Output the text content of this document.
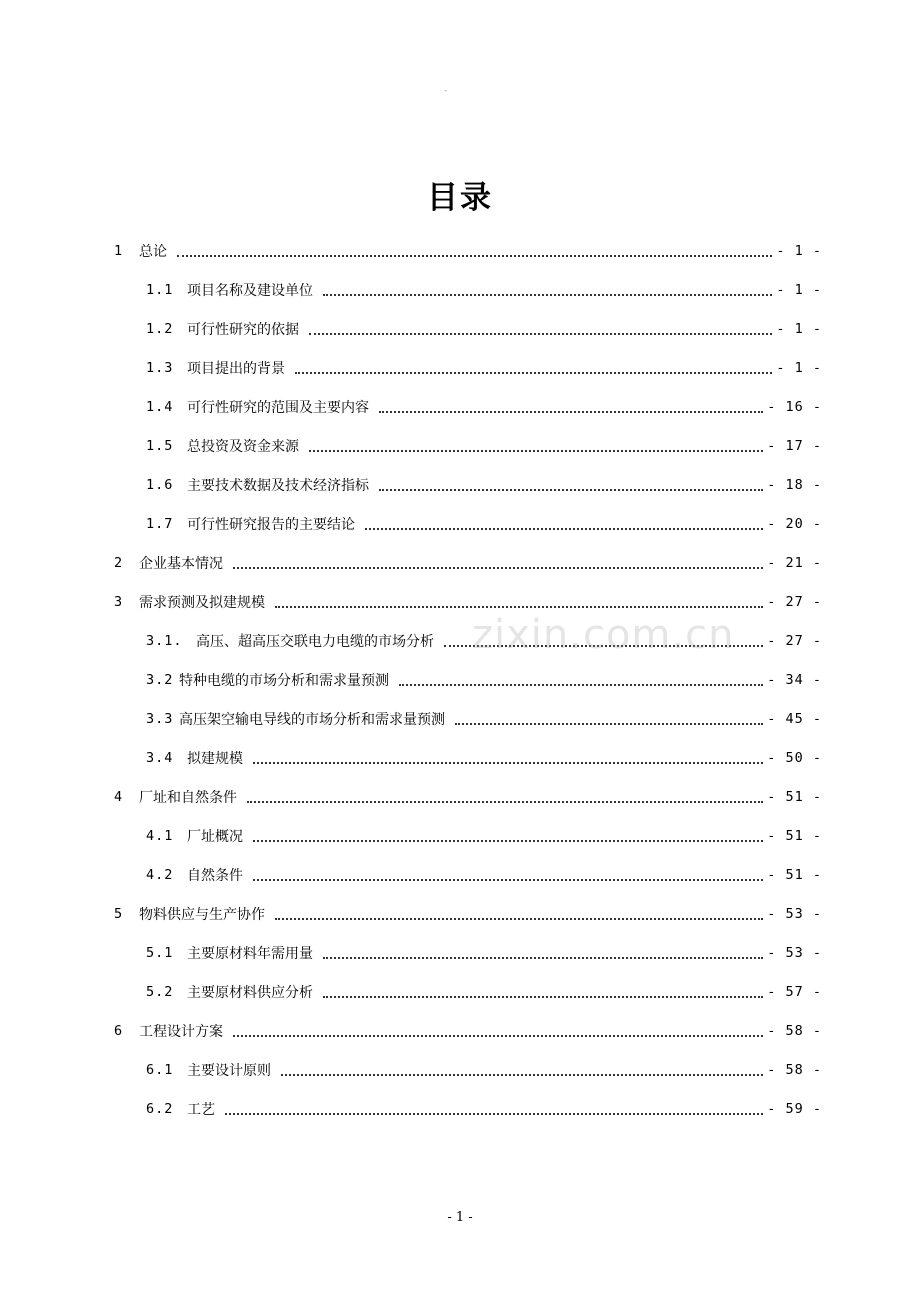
-
目录
1	总论	- 1 -
1.1 项目名称及建设单位	- 1 -
1.2 可行性研究的依据	- 1 -
1.3 项目提出的背景	- 1 -
1.4 可行性研究的范围及主要内容	- 16 -
1.5 总投资及资金来源	- 17 -
1.6 主要技术数据及技术经济指标	- 18 -
1.7 可行性研究报告的主要结论	- 20 -
2	企业基本情况	- 21 -
3	需求预测及拟建规模	- 27 -
3.1. 高压、超高压交联电力电缆的市场分析	- 27 -
3.2 特种电缆的市场分析和需求量预测	- 34 -
3.3 高压架空输电导线的市场分析和需求量预测	- 45 -
3.4 拟建规模	- 50 -
4	厂址和自然条件	- 51 -
4.1 厂址概况	- 51 -
4.2 自然条件	- 51 -
5	物料供应与生产协作	- 53 -
5.1 主要原材料年需用量	- 53 -
5.2 主要原材料供应分析	- 57 -
6	工程设计方案	- 58 -
6.1 主要设计原则	- 58 -
6.2 工艺	- 59 -
zixin.com.cn
- 1 -
